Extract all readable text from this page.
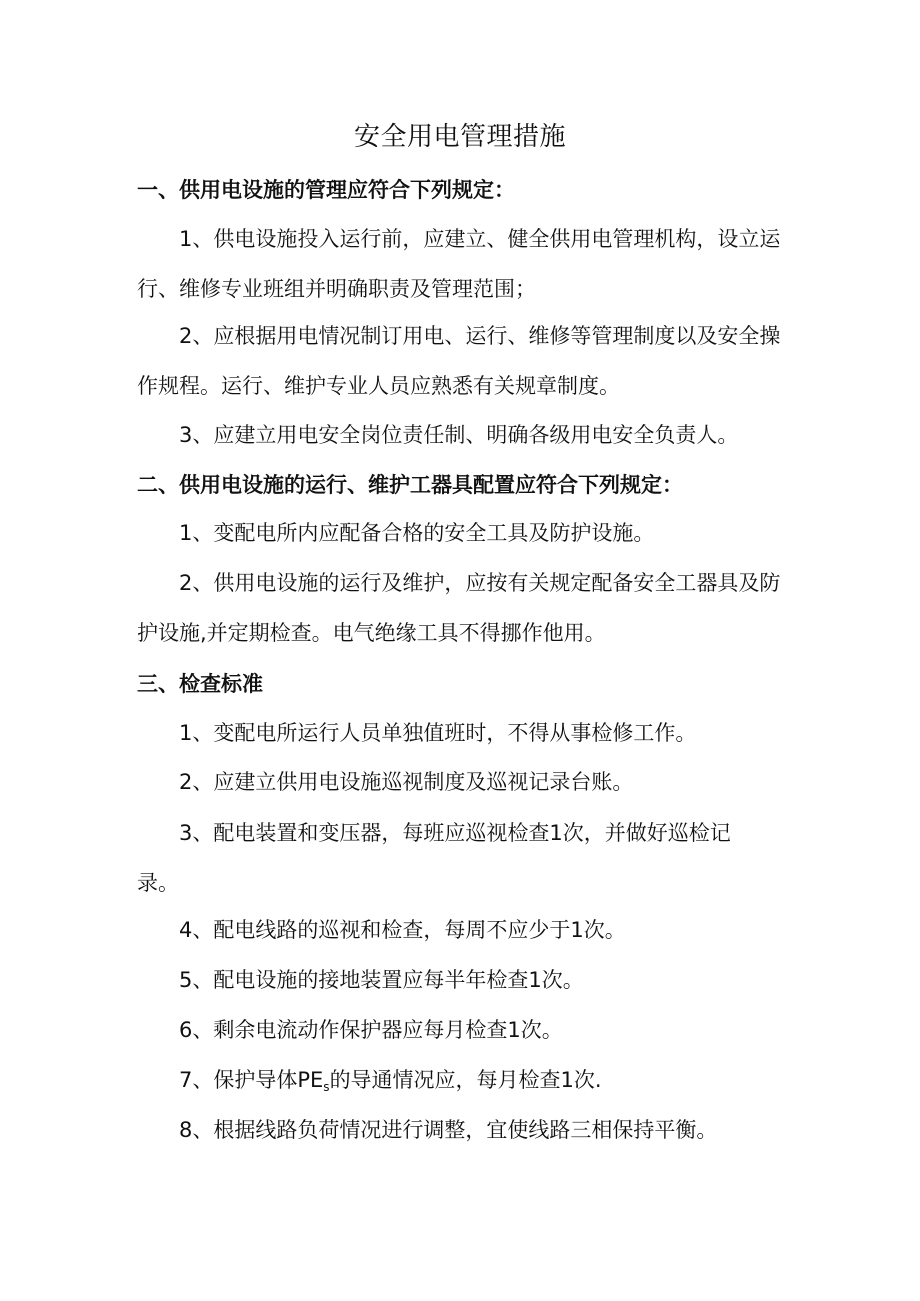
安全用电管理措施
一、供用电设施的管理应符合下列规定：

1、供电设施投入运行前，应建立、健全供用电管理机构，设立运行、维修专业班组并明确职责及管理范围；

2、应根据用电情况制订用电、运行、维修等管理制度以及安全操作规程。运行、维护专业人员应熟悉有关规章制度。

3、应建立用电安全岗位责任制、明确各级用电安全负责人。

二、供用电设施的运行、维护工器具配置应符合下列规定：

1、变配电所内应配备合格的安全工具及防护设施。

2、供用电设施的运行及维护，应按有关规定配备安全工器具及防护设施,并定期检查。电气绝缘工具不得挪作他用。

三、检查标准

1、变配电所运行人员单独值班时，不得从事检修工作。

2、应建立供用电设施巡视制度及巡视记录台账。

3、配电装置和变压器，每班应巡视检查1次，并做好巡检记录。

4、配电线路的巡视和检查，每周不应少于1次。

5、配电设施的接地装置应每半年检查1次。

6、剩余电流动作保护器应每月检查1次。

7、保护导体$PE_s$的导通情况应，每月检查1次.

8、根据线路负荷情况进行调整，宜使线路三相保持平衡。
